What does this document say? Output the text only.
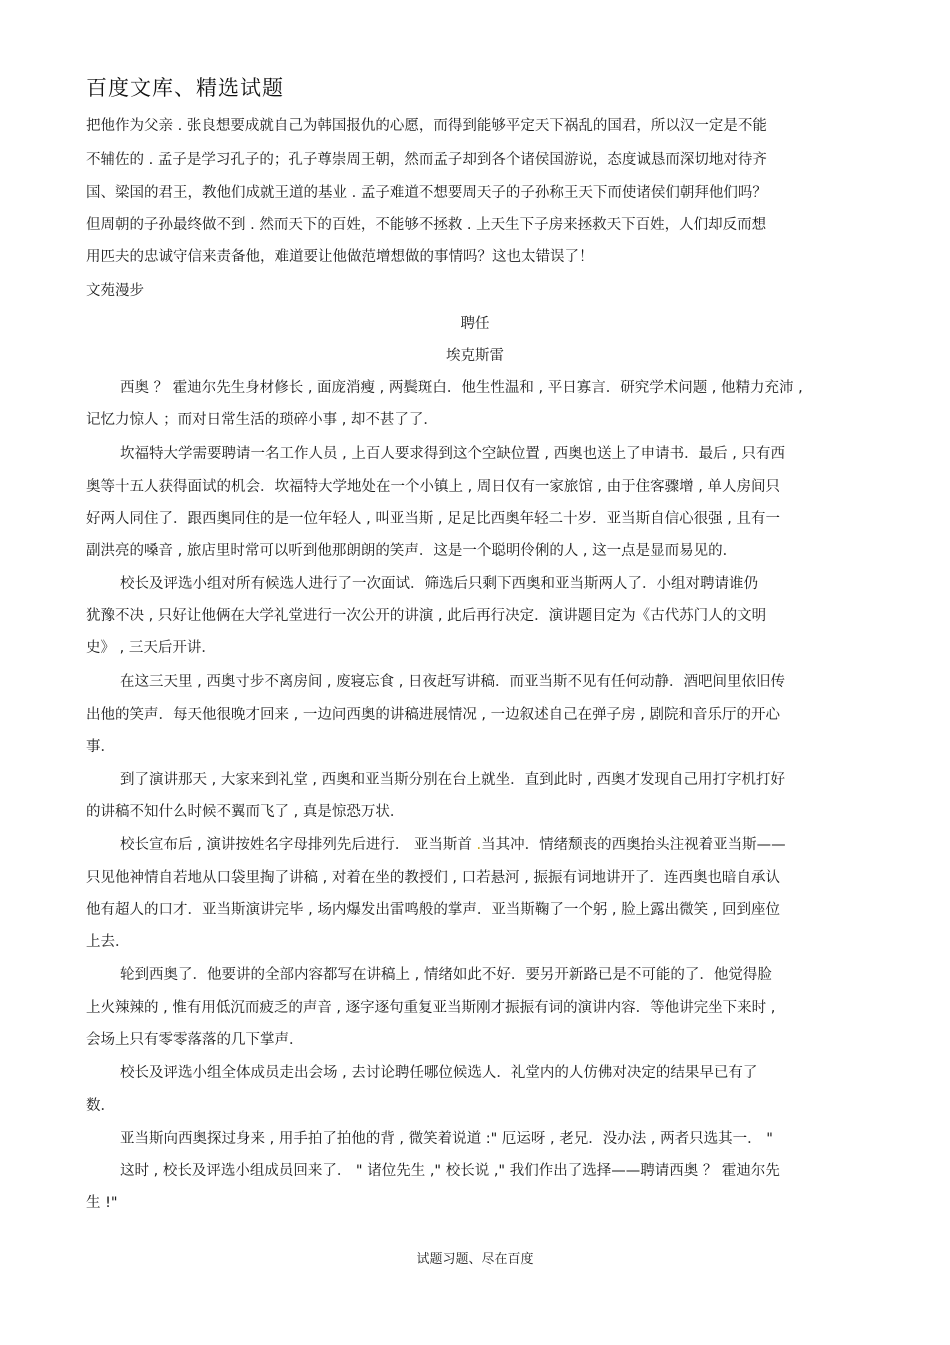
百度文库、精选试题
把他作为父亲 . 张良想要成就自己为韩国报仇的心愿，而得到能够平定天下祸乱的国君，所以汉一定是不能
不辅佐的 . 孟子是学习孔子的；孔子尊崇周王朝，然而孟子却到各个诸侯国游说，态度诚恳而深切地对待齐
国、梁国的君王，教他们成就王道的基业 . 孟子难道不想要周天子的子孙称王天下而使诸侯们朝拜他们吗？
但周朝的子孙最终做不到 . 然而天下的百姓，不能够不拯救 . 上天生下子房来拯救天下百姓，人们却反而想
用匹夫的忠诚守信来责备他，难道要让他做范增想做的事情吗？这也太错误了！
文苑漫步
聘任
埃克斯雷
西奥 ？ 霍迪尔先生身材修长 , 面庞消瘦 , 两鬓斑白．他生性温和 , 平日寡言．研究学术问题 , 他精力充沛 ,
记忆力惊人 ；而对日常生活的琐碎小事 , 却不甚了了．
坎福特大学需要聘请一名工作人员 , 上百人要求得到这个空缺位置 , 西奥也送上了申请书．最后 , 只有西
奥等十五人获得面试的机会．坎福特大学地处在一个小镇上 , 周日仅有一家旅馆 , 由于住客骤增 , 单人房间只
好两人同住了．跟西奥同住的是一位年轻人 , 叫亚当斯 , 足足比西奥年轻二十岁．亚当斯自信心很强 , 且有一
副洪亮的嗓音 , 旅店里时常可以听到他那朗朗的笑声．这是一个聪明伶俐的人 , 这一点是显而易见的．
校长及评选小组对所有候选人进行了一次面试．筛选后只剩下西奥和亚当斯两人了．小组对聘请谁仍
犹豫不决 , 只好让他俩在大学礼堂进行一次公开的讲演 , 此后再行决定．演讲题目定为《古代苏门人的文明
史》 , 三天后开讲．
在这三天里 , 西奥寸步不离房间 , 废寝忘食 , 日夜赶写讲稿．而亚当斯不见有任何动静．酒吧间里依旧传
出他的笑声．每天他很晚才回来 , 一边问西奥的讲稿进展情况 , 一边叙述自己在弹子房 , 剧院和音乐厅的开心
事．
到了演讲那天 , 大家来到礼堂 , 西奥和亚当斯分别在台上就坐．直到此时 , 西奥才发现自己用打字机打好
的讲稿不知什么时候不翼而飞了 , 真是惊恐万状．
校长宣布后 , 演讲按姓名字母排列先后进行． 亚当斯首 .当其冲．情绪颓丧的西奥抬头注视着亚当斯——
只见他神情自若地从口袋里掏了讲稿 , 对着在坐的教授们 , 口若悬河 , 振振有词地讲开了．连西奥也暗自承认
他有超人的口才．亚当斯演讲完毕 , 场内爆发出雷鸣般的掌声．亚当斯鞠了一个躬 , 脸上露出微笑 , 回到座位
上去．
轮到西奥了．他要讲的全部内容都写在讲稿上 , 情绪如此不好．要另开新路已是不可能的了．他觉得脸
上火辣辣的 , 惟有用低沉而疲乏的声音 , 逐字逐句重复亚当斯刚才振振有词的演讲内容．等他讲完坐下来时 ,
会场上只有零零落落的几下掌声．
校长及评选小组全体成员走出会场 , 去讨论聘任哪位候选人．礼堂内的人仿佛对决定的结果早已有了
数．
亚当斯向西奥探过身来 , 用手拍了拍他的背 , 微笑着说道 :" 厄运呀 , 老兄．没办法 , 两者只选其一． "
这时 , 校长及评选小组成员回来了． " 诸位先生 ," 校长说 ," 我们作出了选择——聘请西奥 ？ 霍迪尔先
生 !"
试题习题、尽在百度
